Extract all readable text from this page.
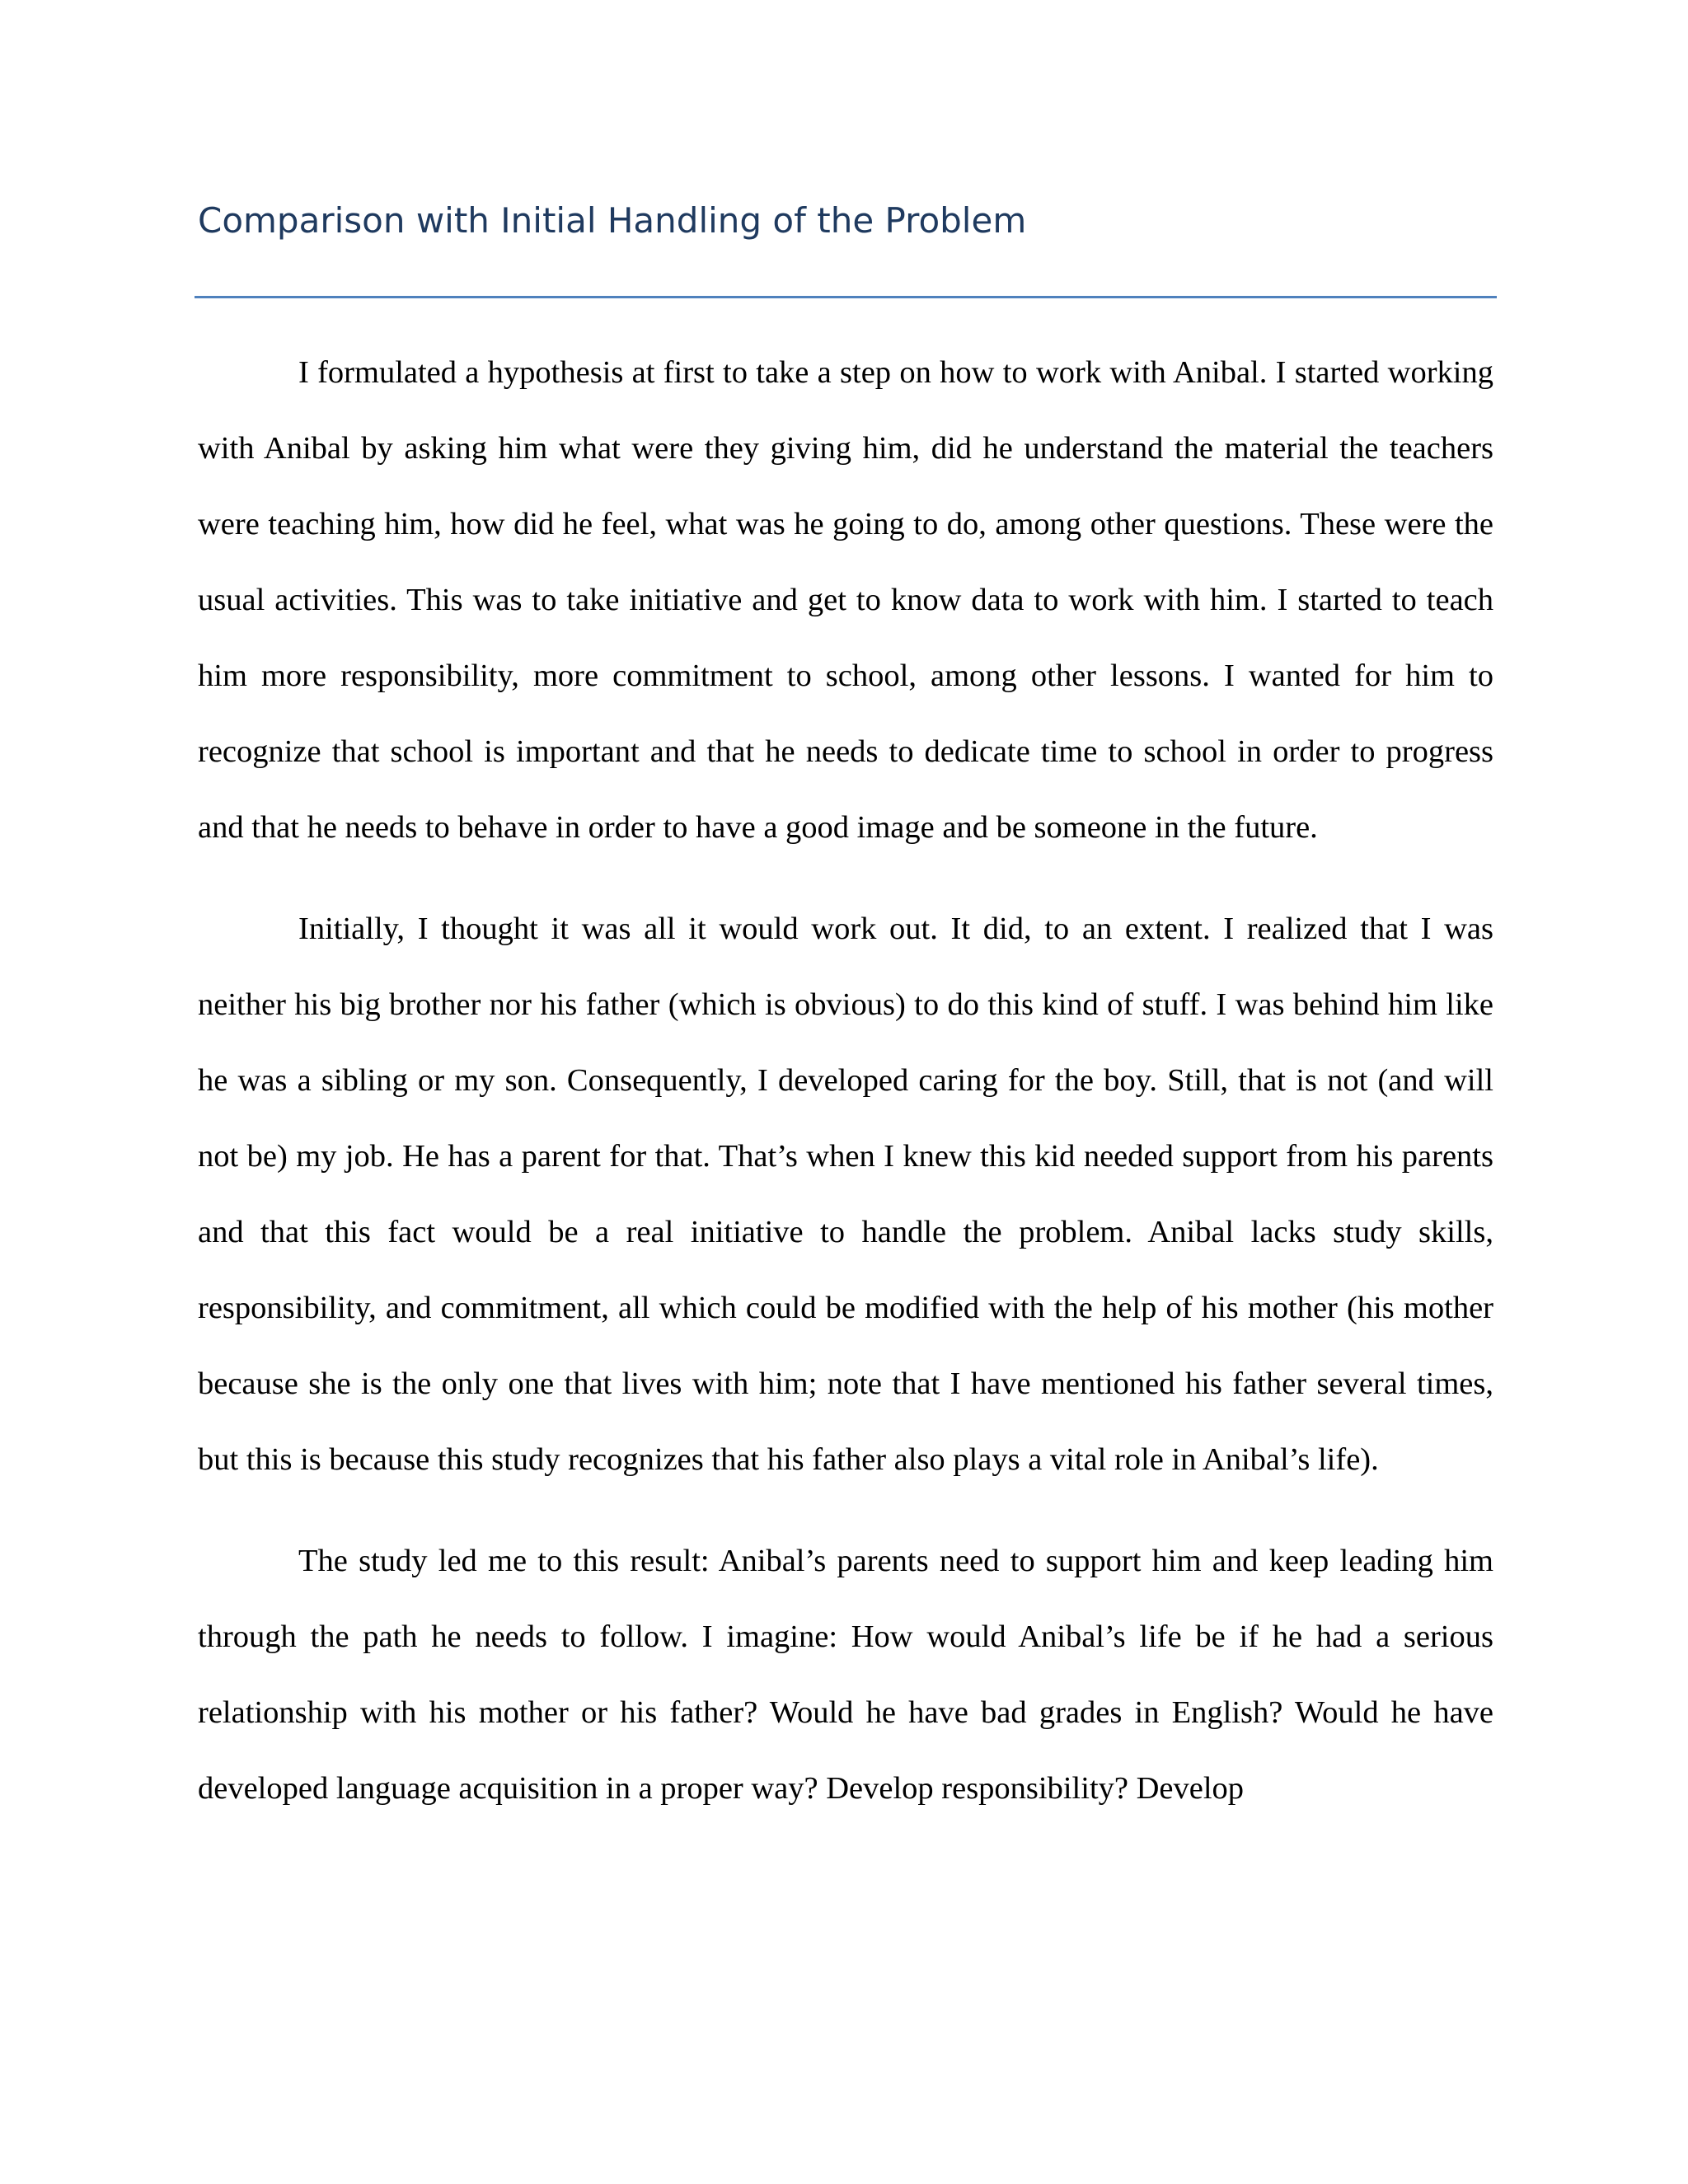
Comparison with Initial Handling of the Problem

I formulated a hypothesis at first to take a step on how to work with Anibal. I started working with Anibal by asking him what were they giving him, did he understand the material the teachers were teaching him, how did he feel, what was he going to do, among other questions. These were the usual activities. This was to take initiative and get to know data to work with him. I started to teach him more responsibility, more commitment to school, among other lessons. I wanted for him to recognize that school is important and that he needs to dedicate time to school in order to progress and that he needs to behave in order to have a good image and be someone in the future.

Initially, I thought it was all it would work out. It did, to an extent. I realized that I was neither his big brother nor his father (which is obvious) to do this kind of stuff. I was behind him like he was a sibling or my son. Consequently, I developed caring for the boy. Still, that is not (and will not be) my job. He has a parent for that. That’s when I knew this kid needed support from his parents and that this fact would be a real initiative to handle the problem. Anibal lacks study skills, responsibility, and commitment, all which could be modified with the help of his mother (his mother because she is the only one that lives with him; note that I have mentioned his father several times, but this is because this study recognizes that his father also plays a vital role in Anibal’s life).

The study led me to this result: Anibal’s parents need to support him and keep leading him through the path he needs to follow. I imagine: How would Anibal’s life be if he had a serious relationship with his mother or his father? Would he have bad grades in English? Would he have developed language acquisition in a proper way? Develop responsibility? Develop
